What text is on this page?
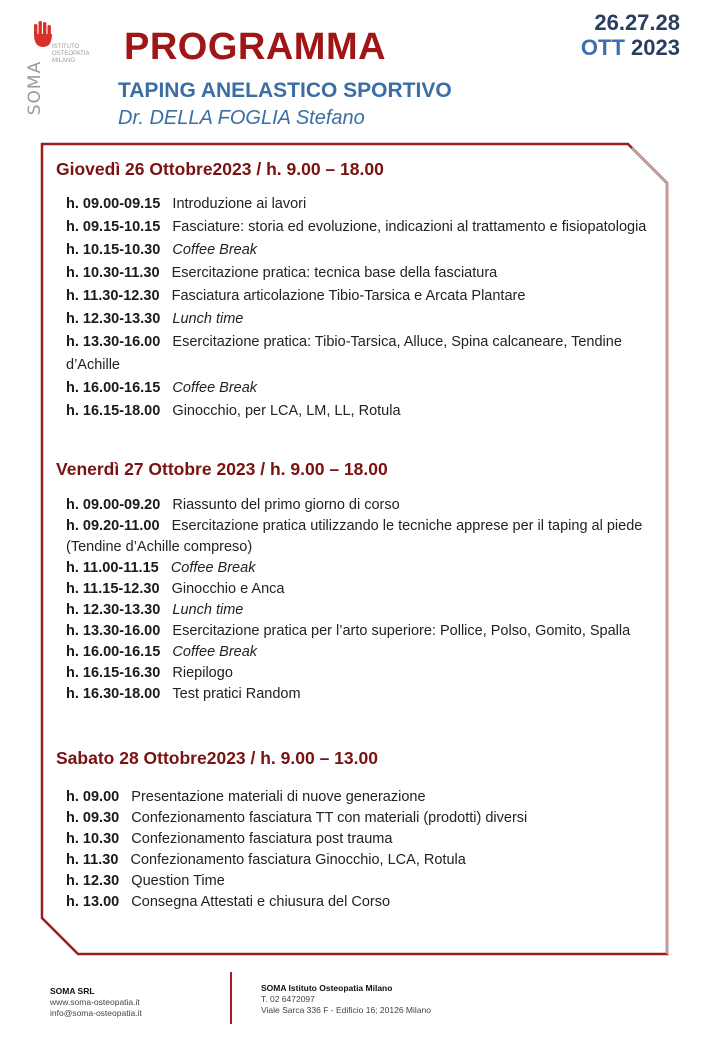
SOMA
ISTITUTO
OSTEOPATIA
MILANO	PROGRAMMA
26.27.28
OTT 2023
TAPING ANELASTICO SPORTIVO
Dr. DELLA FOGLIA Stefano
Giovedì 26 Ottobre2023 / h. 9.00 – 18.00
h. 09.00-09.15 Introduzione ai lavori
h. 09.15-10.15 Fasciature: storia ed evoluzione, indicazioni al trattamento e fisiopatologia
h. 10.15-10.30 Coffee Break
h. 10.30-11.30 Esercitazione pratica: tecnica base della fasciatura
h. 11.30-12.30 Fasciatura articolazione Tibio-Tarsica e Arcata Plantare
h. 12.30-13.30 Lunch time
h. 13.30-16.00 Esercitazione pratica: Tibio-Tarsica, Alluce, Spina calcaneare, Tendine d’Achille
h. 16.00-16.15 Coffee Break
h. 16.15-18.00 Ginocchio, per LCA, LM, LL, Rotula
Venerdì 27 Ottobre 2023 / h. 9.00 – 18.00
h. 09.00-09.20 Riassunto del primo giorno di corso
h. 09.20-11.00 Esercitazione pratica utilizzando le tecniche apprese per il taping al piede (Tendine d’Achille compreso)
h. 11.00-11.15 Coffee Break
h. 11.15-12.30 Ginocchio e Anca
h. 12.30-13.30 Lunch time
h. 13.30-16.00 Esercitazione pratica per l’arto superiore: Pollice, Polso, Gomito, Spalla
h. 16.00-16.15 Coffee Break
h. 16.15-16.30 Riepilogo
h. 16.30-18.00 Test pratici Random
Sabato 28 Ottobre2023 / h. 9.00 – 13.00
h. 09.00 Presentazione materiali di nuove generazione
h. 09.30 Confezionamento fasciatura TT con materiali (prodotti) diversi
h. 10.30 Confezionamento fasciatura post trauma
h. 11.30 Confezionamento fasciatura Ginocchio, LCA, Rotula
h. 12.30 Question Time
h. 13.00 Consegna Attestati e chiusura del Corso
SOMA SRL
www.soma-osteopatia.it
info@soma-osteopatia.it
SOMA Istituto Osteopatia Milano
T. 02 6472097
Viale Sarca 336 F - Edificio 16; 20126 Milano
